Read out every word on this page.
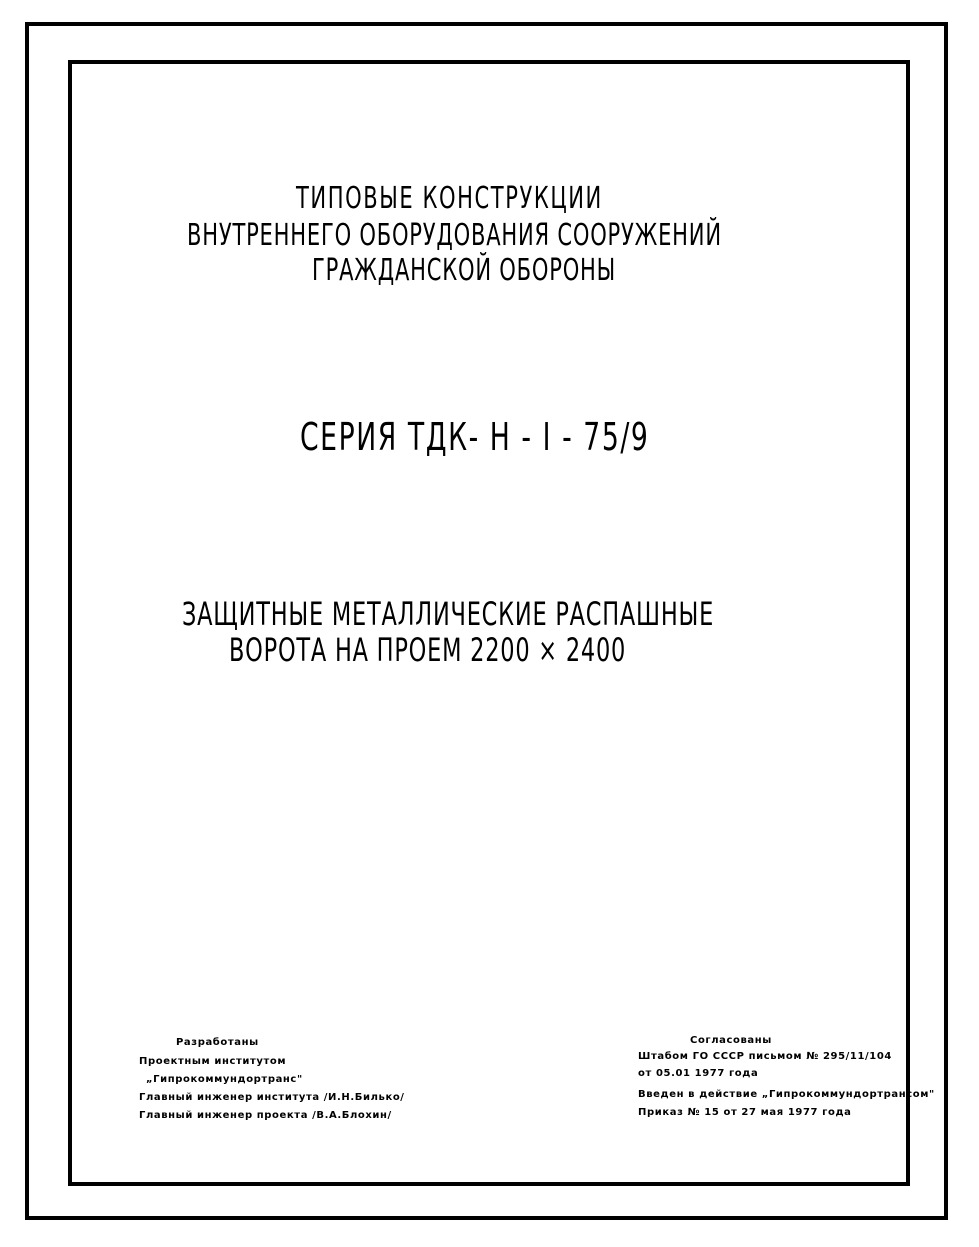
ТИПОВЫЕ КОНСТРУКЦИИ
ВНУТРЕННЕГО ОБОРУДОВАНИЯ СООРУЖЕНИЙ
ГРАЖДАНСКОЙ ОБОРОНЫ
СЕРИЯ ТДК- Н - I - 75/9
ЗАЩИТНЫЕ МЕТАЛЛИЧЕСКИЕ РАСПАШНЫЕ
ВОРОТА НА ПРОЕМ 2200 × 2400
Разработаны
Проектным институтом
„Гипрокоммундортранс"
Главный инженер института /И.Н.Билько/
Главный инженер проекта /В.А.Блохин/
Согласованы
Штабом ГО СССР письмом № 295/11/104
от 05.01 1977 года
Введен в действие „Гипрокоммундортрансом"
Приказ № 15 от 27 мая 1977 года
